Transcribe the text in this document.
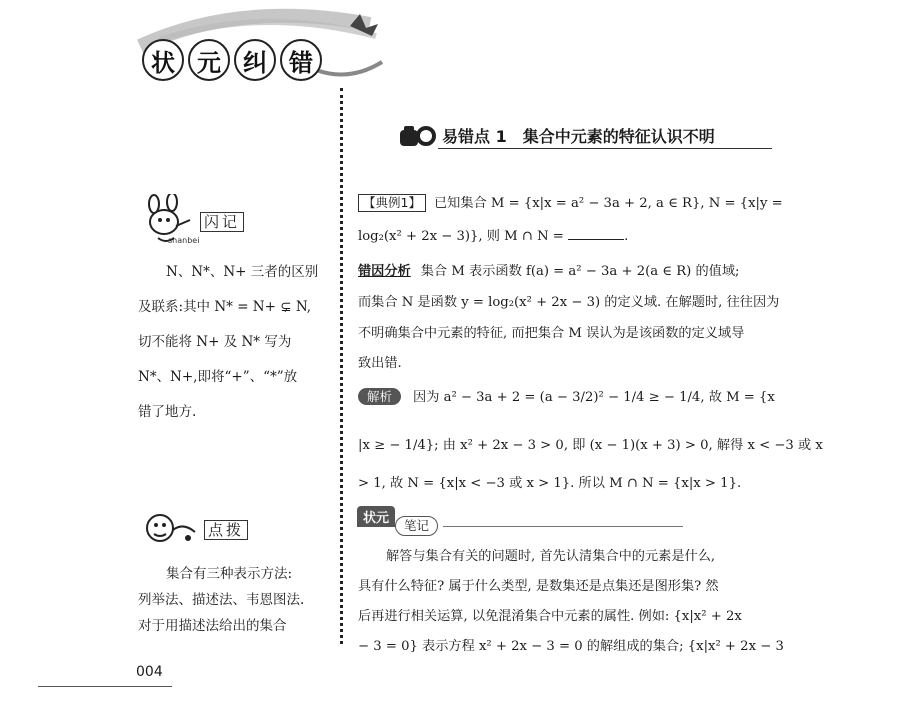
状 元 纠 错
闪记
shanbei

N、N*、N+ 三者的区别

及联系:其中 N* = N+ ⊊ N,

切不能将 N+ 及 N* 写为

N*、N+,即将“+”、“*”放

错了地方.

点拨

集合有三种表示方法:

列举法、描述法、韦恩图法.

对于用描述法给出的集合

易错点 1　集合中元素的特征认识不明
【典例1】 已知集合 M = {x|x = a² − 3a + 2, a ∈ R}, N = {x|y =
log₂(x² + 2x − 3)}, 则 M ∩ N =	.
错因分析 集合 M 表示函数 f(a) = a² − 3a + 2(a ∈ R) 的值域;
而集合 N 是函数 y = log₂(x² + 2x − 3) 的定义域. 在解题时, 往往因为
不明确集合中元素的特征, 而把集合 M 误认为是该函数的定义域导
致出错.
解析 因为 a² − 3a + 2 = (a − 3/2)² − 1/4 ≥ − 1/4, 故 M = {x
|x ≥ − 1/4}; 由 x² + 2x − 3 > 0, 即 (x − 1)(x + 3) > 0, 解得 x < −3 或 x
> 1, 故 N = {x|x < −3 或 x > 1}. 所以 M ∩ N = {x|x > 1}.
状元	笔记
解答与集合有关的问题时, 首先认清集合中的元素是什么,
具有什么特征? 属于什么类型, 是数集还是点集还是图形集? 然
后再进行相关运算, 以免混淆集合中元素的属性. 例如: {x|x² + 2x
− 3 = 0} 表示方程 x² + 2x − 3 = 0 的解组成的集合; {x|x² + 2x − 3
004
